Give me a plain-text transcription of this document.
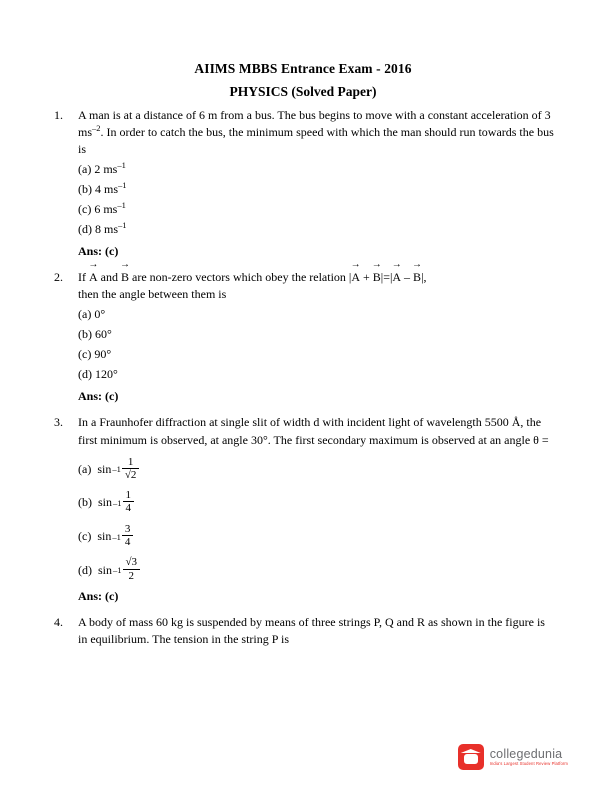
AIIMS MBBS Entrance Exam - 2016
PHYSICS (Solved Paper)
1.	A man is at a distance of 6 m from a bus. The bus begins to move with a constant acceleration of 3 $ms^{-2}$. In order to catch the bus, the minimum speed with which the man should run towards the bus is
(a) 2 $ms^{-1}$
(b) 4 $ms^{-1}$
(c) 6 $ms^{-1}$
(d) 8 $ms^{-1}$
Ans: (c)
2.	If
→
A and
→
B are non-zero vectors which obey the relation |
→
A +
→
B|=|
→
A –
→
B|,
then the angle between them is
(a) 0°
(b) 60°
(c) 90°
(d) 120°
Ans: (c)
3.	In a Fraunhofer diffraction at single slit of width d with incident light of wavelength 5500 Å, the first minimum is observed, at angle 30°. The first secondary maximum is observed at an angle θ =
(a) $\sin -1 \frac{1}{√2}$
(b) $\sin -1 \frac{1}{4}$
(c) $\sin -1 \frac{3}{4}$
(d) $\sin -1 \frac{√3}{2}$
Ans: (c)
4.	A body of mass 60 kg is suspended by means of three strings P, Q and R as shown in the figure is in equilibrium. The tension in the string P is
collegedunia
India's Largest Student Review Platform
